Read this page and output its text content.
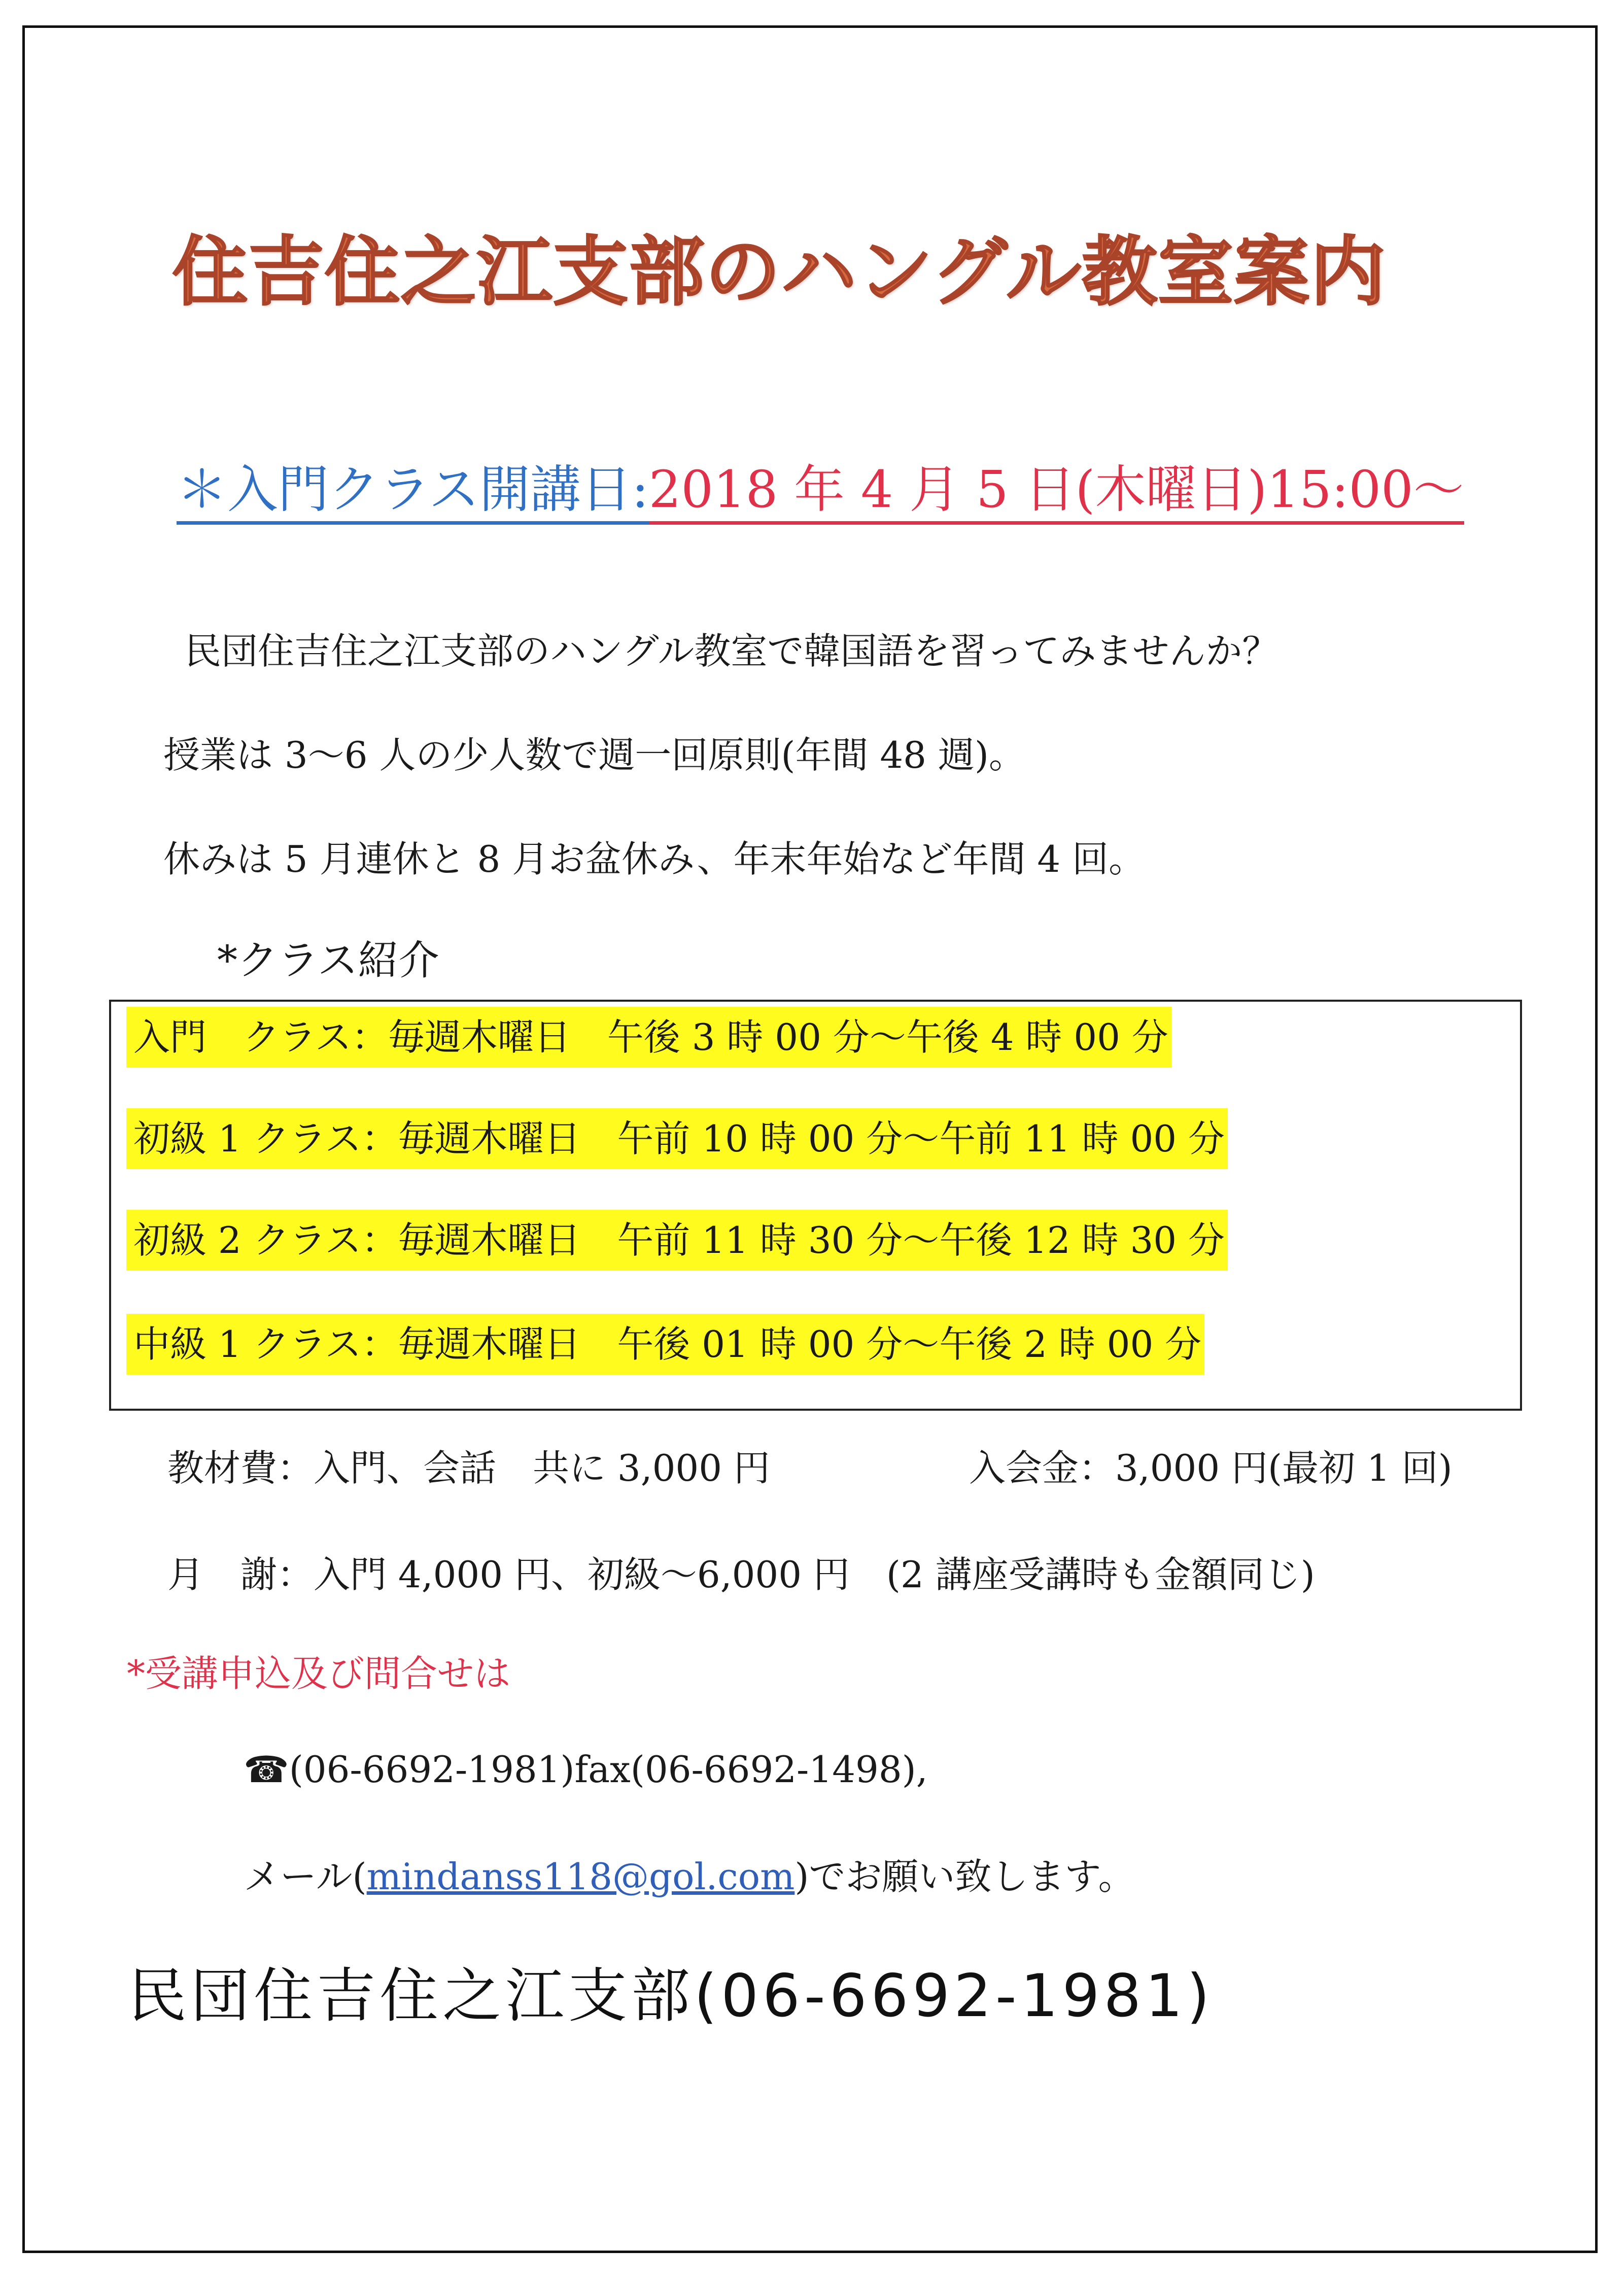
住吉住之江支部のハングル教室案内
＊入門クラス開講日:2018 年 4 月 5 日(木曜日)15:00～
民団住吉住之江支部のハングル教室で韓国語を習ってみませんか？
授業は 3～6 人の少人数で週一回原則(年間 48 週)。
休みは 5 月連休と 8 月お盆休み、年末年始など年間 4 回。
*クラス紹介
入門　クラス：毎週木曜日　午後 3 時 00 分～午後 4 時 00 分
初級 1 クラス：毎週木曜日　午前 10 時 00 分～午前 11 時 00 分
初級 2 クラス：毎週木曜日　午前 11 時 30 分～午後 12 時 30 分
中級 1 クラス：毎週木曜日　午後 01 時 00 分～午後 2 時 00 分
教材費：入門、会話　共に 3,000 円	入会金：3,000 円(最初 1 回)
月　謝：入門 4,000 円、初級～6,000 円　(2 講座受講時も金額同じ)
*受講申込及び問合せは
☎(06-6692-1981)fax(06-6692-1498),
メール(mindanss118@gol.com)でお願い致します。
民団住吉住之江支部(06-6692-1981)
